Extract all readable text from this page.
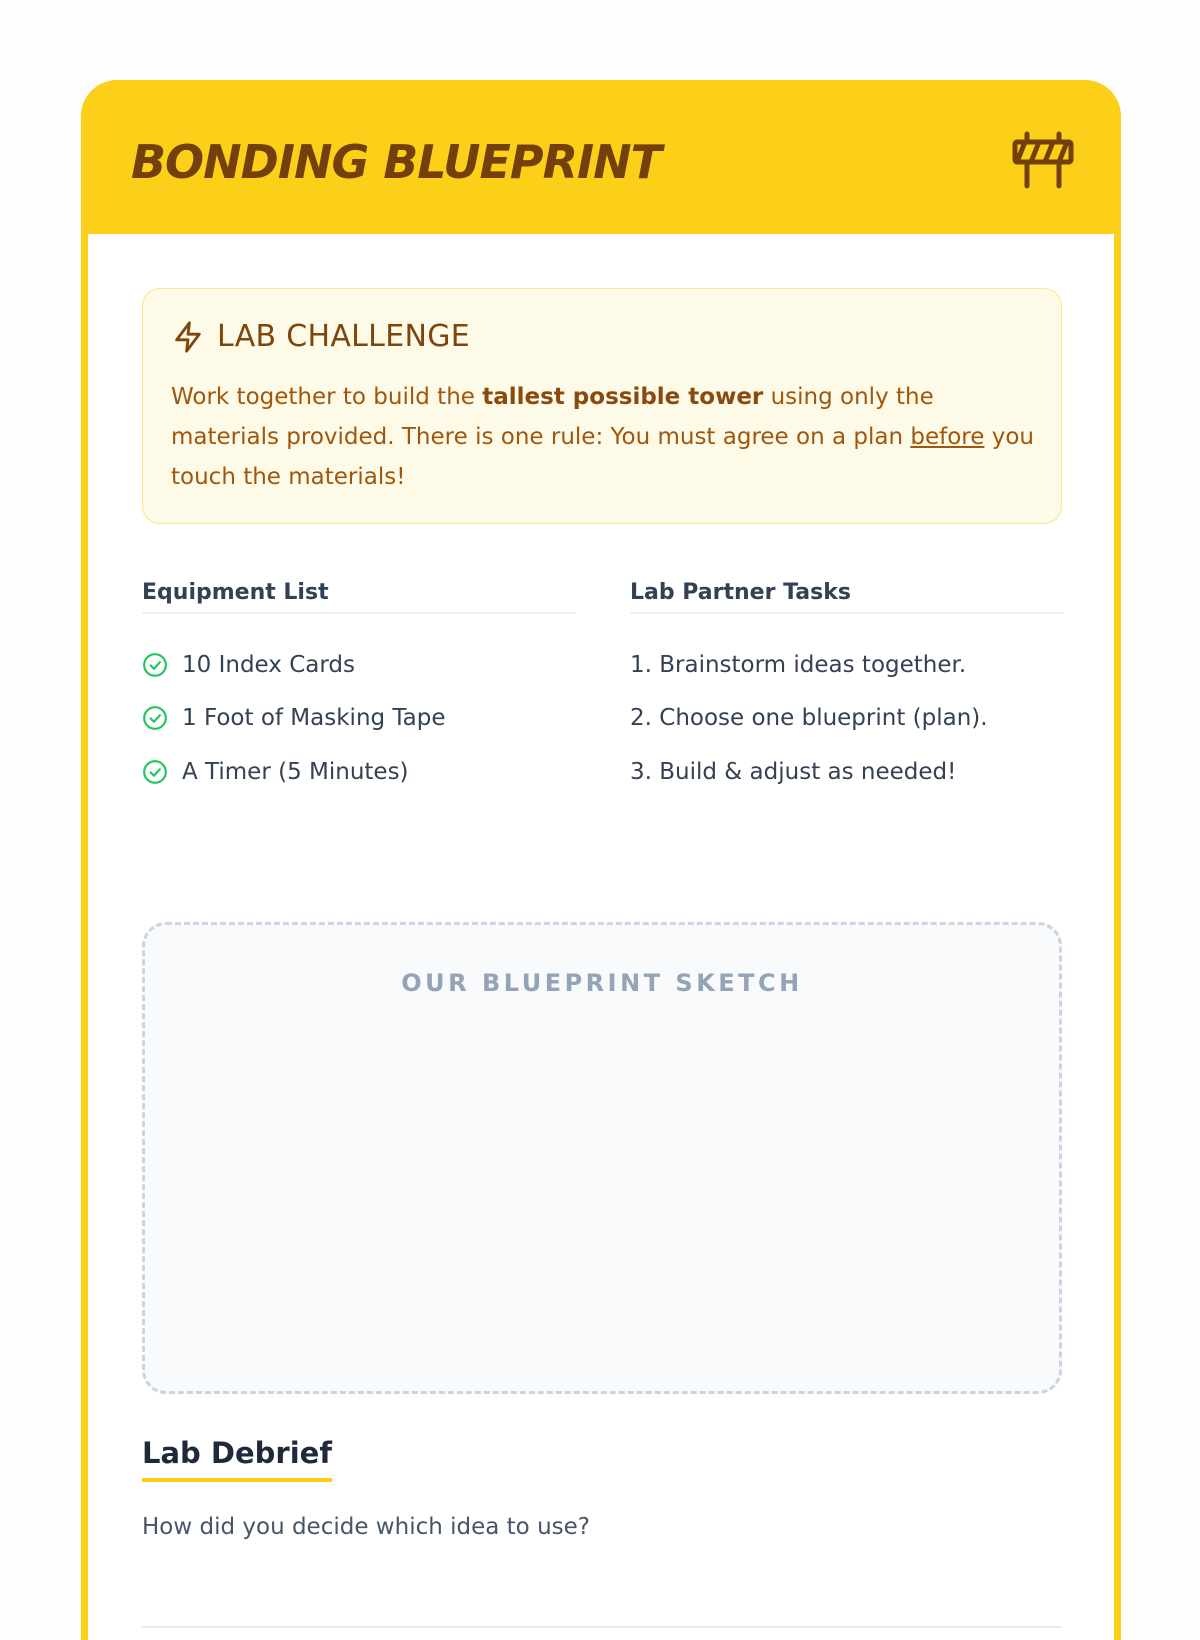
BONDING BLUEPRINT
LAB CHALLENGE

Work together to build the tallest possible tower using only the materials provided. There is one rule: You must agree on a plan before you touch the materials!

Equipment List
10 Index Cards
1 Foot of Masking Tape
A Timer (5 Minutes)
Lab Partner Tasks
1. Brainstorm ideas together.
2. Choose one blueprint (plan).
3. Build & adjust as needed!
OUR BLUEPRINT SKETCH
Lab Debrief

How did you decide which idea to use?
